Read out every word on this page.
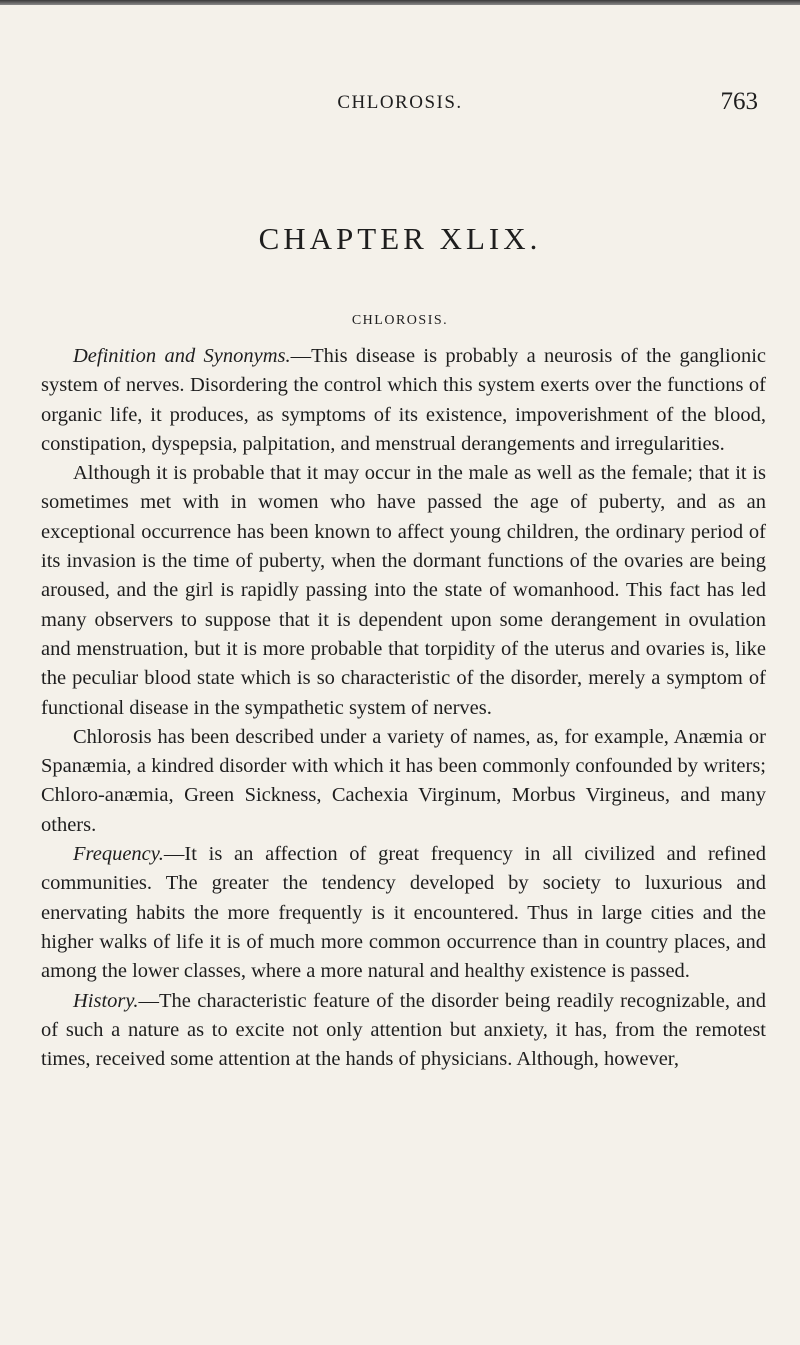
CHLOROSIS.	763
CHAPTER XLIX.
CHLOROSIS.

Definition and Synonyms.—This disease is probably a neurosis of the ganglionic system of nerves. Disordering the control which this system exerts over the functions of organic life, it produces, as symptoms of its existence, impoverishment of the blood, constipation, dyspepsia, palpitation, and menstrual derangements and irregularities.

Although it is probable that it may occur in the male as well as the female; that it is sometimes met with in women who have passed the age of puberty, and as an exceptional occurrence has been known to affect young children, the ordinary period of its invasion is the time of puberty, when the dormant functions of the ovaries are being aroused, and the girl is rapidly passing into the state of womanhood. This fact has led many observers to suppose that it is dependent upon some derangement in ovulation and menstruation, but it is more probable that torpidity of the uterus and ovaries is, like the peculiar blood state which is so characteristic of the disorder, merely a symptom of functional disease in the sympathetic system of nerves.

Chlorosis has been described under a variety of names, as, for example, Anæmia or Spanæmia, a kindred disorder with which it has been commonly confounded by writers; Chloro-anæmia, Green Sickness, Cachexia Virginum, Morbus Virgineus, and many others.

Frequency.—It is an affection of great frequency in all civilized and refined communities. The greater the tendency developed by society to luxurious and enervating habits the more frequently is it encountered. Thus in large cities and the higher walks of life it is of much more common occurrence than in country places, and among the lower classes, where a more natural and healthy existence is passed.

History.—The characteristic feature of the disorder being readily recognizable, and of such a nature as to excite not only attention but anxiety, it has, from the remotest times, received some attention at the hands of physicians. Although, however,
